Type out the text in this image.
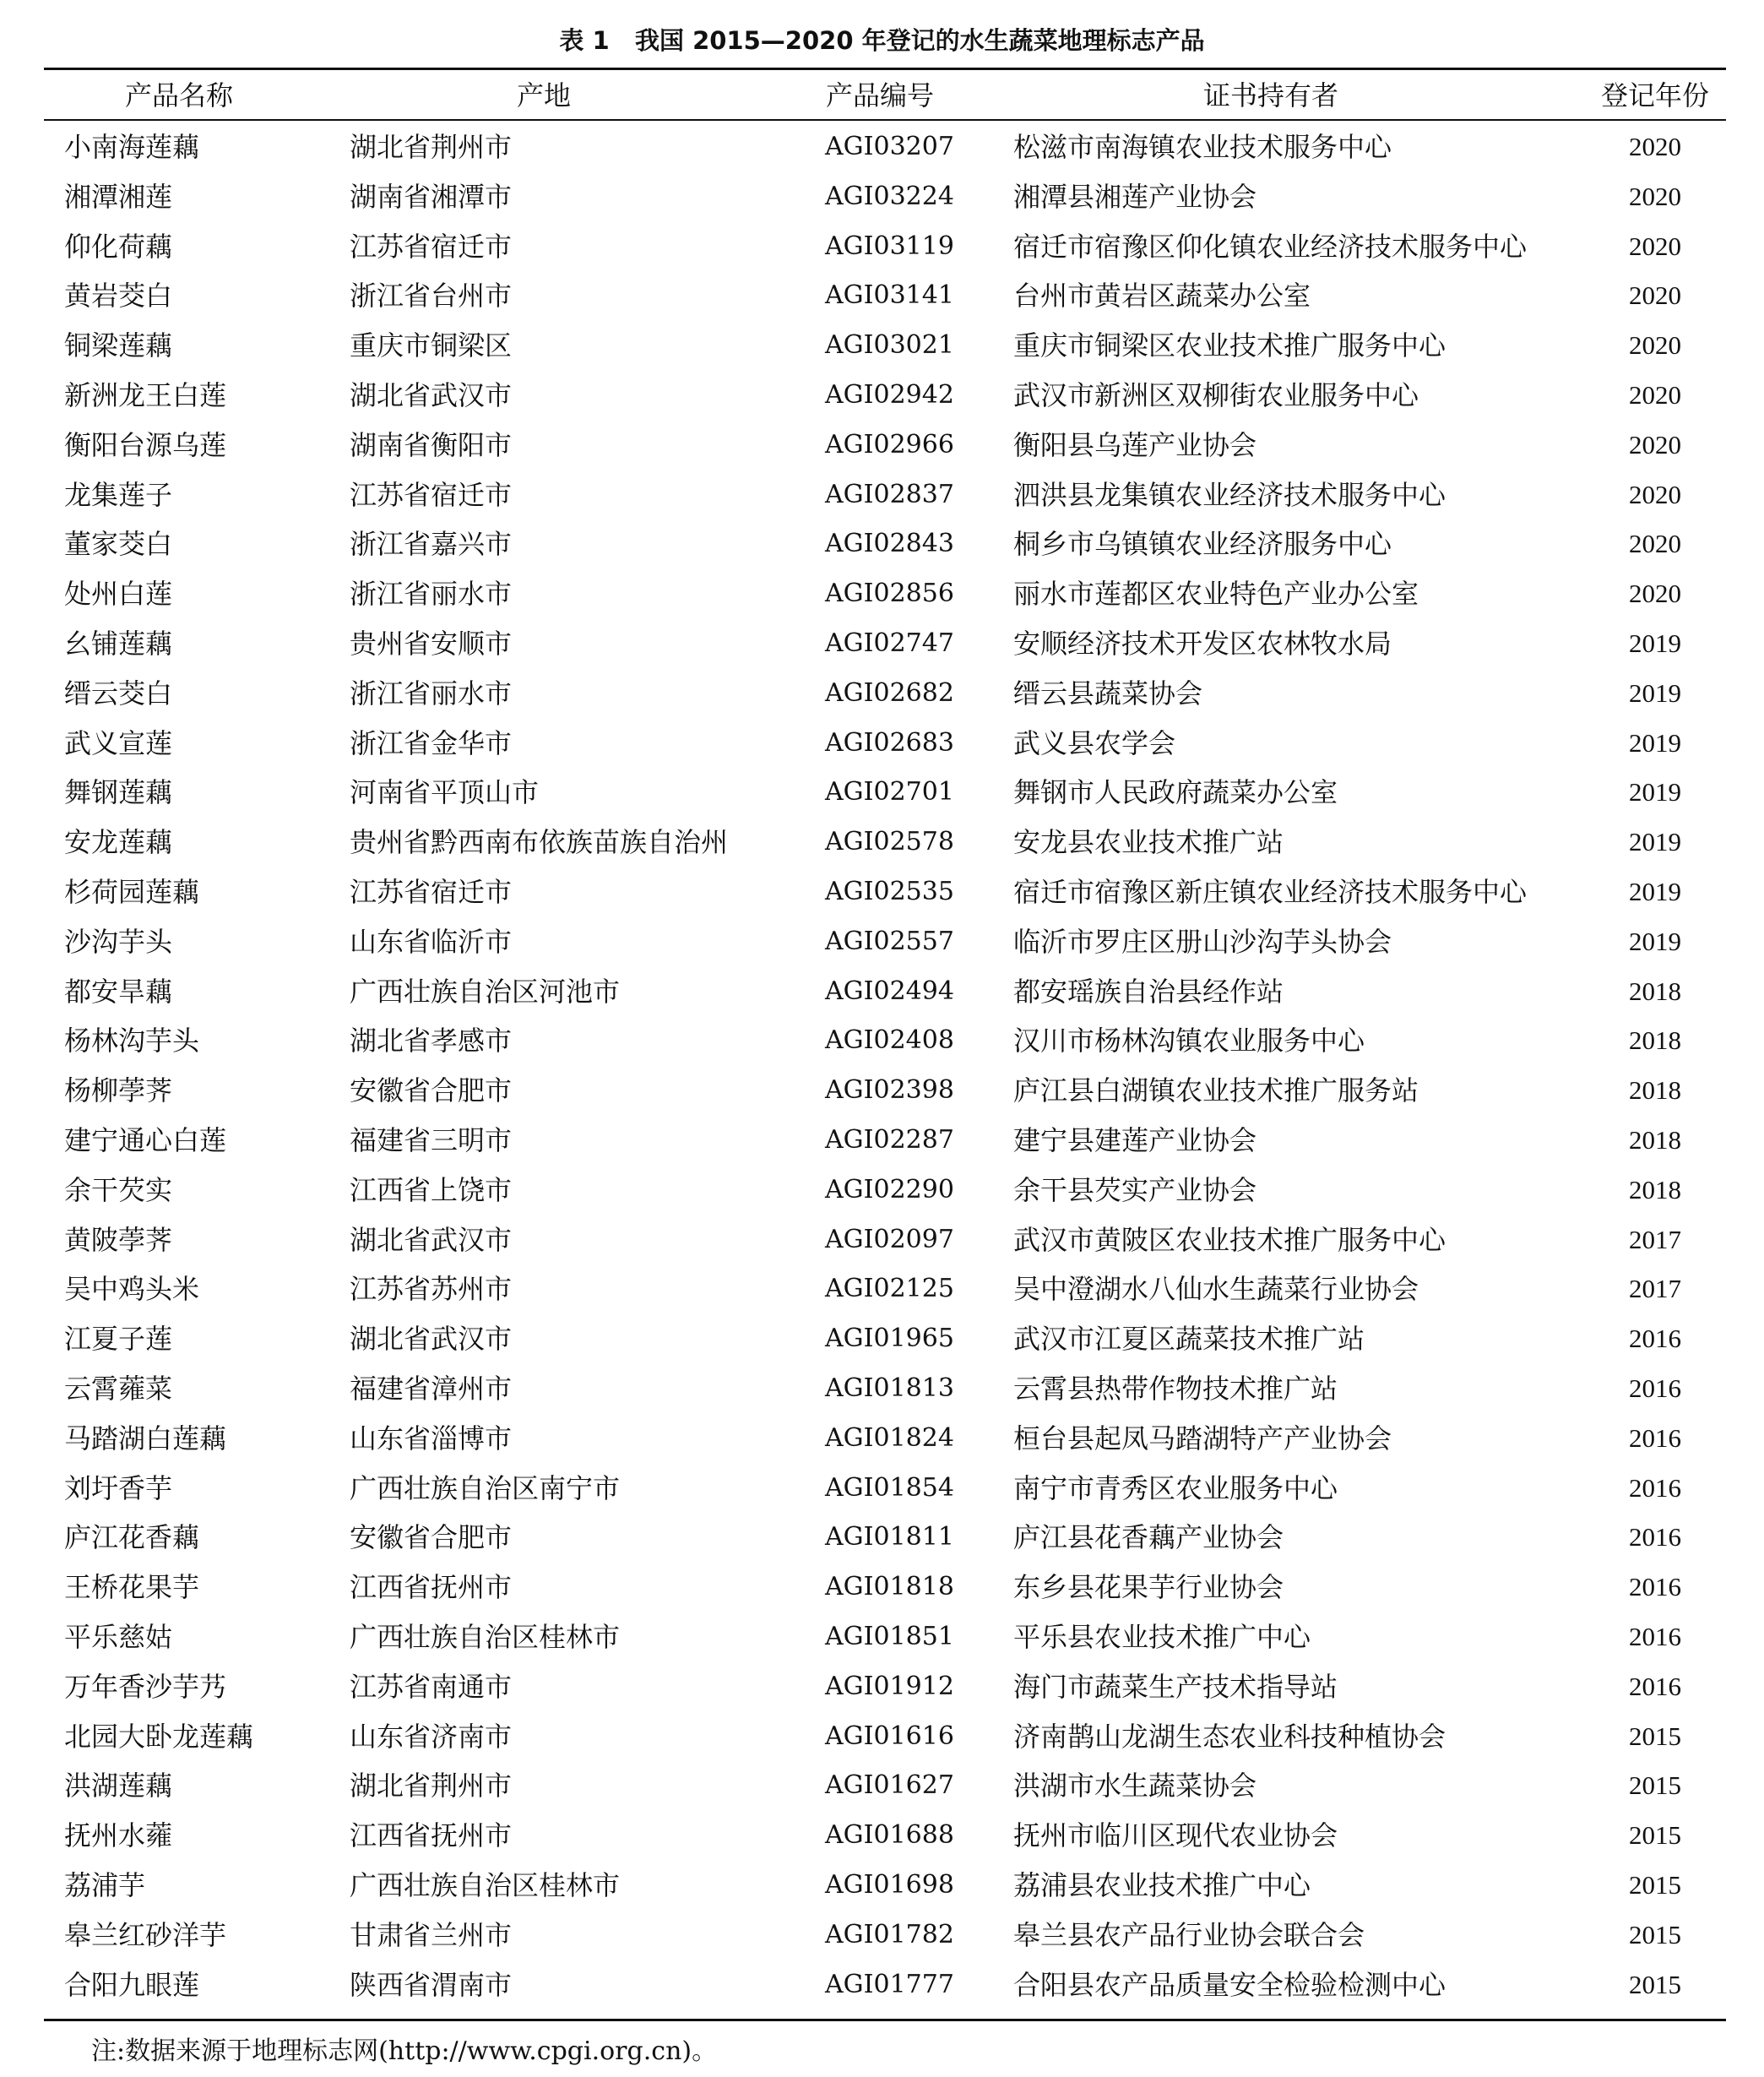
表 1   我国 2015—2020 年登记的水生蔬菜地理标志产品
产品名称	产地	产品编号	证书持有者	登记年份
小南海莲藕	湖北省荆州市	AGI03207 松滋市南海镇农业技术服务中心	2020
湘潭湘莲	湖南省湘潭市	AGI03224 湘潭县湘莲产业协会	2020
仰化荷藕	江苏省宿迁市	AGI03119 宿迁市宿豫区仰化镇农业经济技术服务中心	2020
黄岩茭白	浙江省台州市	AGI03141 台州市黄岩区蔬菜办公室	2020
铜梁莲藕	重庆市铜梁区	AGI03021 重庆市铜梁区农业技术推广服务中心	2020
新洲龙王白莲	湖北省武汉市	AGI02942 武汉市新洲区双柳街农业服务中心	2020
衡阳台源乌莲	湖南省衡阳市	AGI02966 衡阳县乌莲产业协会	2020
龙集莲子	江苏省宿迁市	AGI02837 泗洪县龙集镇农业经济技术服务中心	2020
董家茭白	浙江省嘉兴市	AGI02843 桐乡市乌镇镇农业经济服务中心	2020
处州白莲	浙江省丽水市	AGI02856 丽水市莲都区农业特色产业办公室	2020
幺铺莲藕	贵州省安顺市	AGI02747 安顺经济技术开发区农林牧水局	2019
缙云茭白	浙江省丽水市	AGI02682 缙云县蔬菜协会	2019
武义宣莲	浙江省金华市	AGI02683 武义县农学会	2019
舞钢莲藕	河南省平顶山市	AGI02701 舞钢市人民政府蔬菜办公室	2019
安龙莲藕	贵州省黔西南布依族苗族自治州	AGI02578 安龙县农业技术推广站	2019
杉荷园莲藕	江苏省宿迁市	AGI02535 宿迁市宿豫区新庄镇农业经济技术服务中心	2019
沙沟芋头	山东省临沂市	AGI02557 临沂市罗庄区册山沙沟芋头协会	2019
都安旱藕	广西壮族自治区河池市	AGI02494 都安瑶族自治县经作站	2018
杨林沟芋头	湖北省孝感市	AGI02408 汉川市杨林沟镇农业服务中心	2018
杨柳荸荠	安徽省合肥市	AGI02398 庐江县白湖镇农业技术推广服务站	2018
建宁通心白莲	福建省三明市	AGI02287 建宁县建莲产业协会	2018
余干芡实	江西省上饶市	AGI02290 余干县芡实产业协会	2018
黄陂荸荠	湖北省武汉市	AGI02097 武汉市黄陂区农业技术推广服务中心	2017
吴中鸡头米	江苏省苏州市	AGI02125 吴中澄湖水八仙水生蔬菜行业协会	2017
江夏子莲	湖北省武汉市	AGI01965 武汉市江夏区蔬菜技术推广站	2016
云霄蕹菜	福建省漳州市	AGI01813 云霄县热带作物技术推广站	2016
马踏湖白莲藕	山东省淄博市	AGI01824 桓台县起凤马踏湖特产产业协会	2016
刘圩香芋	广西壮族自治区南宁市	AGI01854 南宁市青秀区农业服务中心	2016
庐江花香藕	安徽省合肥市	AGI01811 庐江县花香藕产业协会	2016
王桥花果芋	江西省抚州市	AGI01818 东乡县花果芋行业协会	2016
平乐慈姑	广西壮族自治区桂林市	AGI01851 平乐县农业技术推广中心	2016
万年香沙芋艿	江苏省南通市	AGI01912 海门市蔬菜生产技术指导站	2016
北园大卧龙莲藕	山东省济南市	AGI01616 济南鹊山龙湖生态农业科技种植协会	2015
洪湖莲藕	湖北省荆州市	AGI01627 洪湖市水生蔬菜协会	2015
抚州水蕹	江西省抚州市	AGI01688 抚州市临川区现代农业协会	2015
荔浦芋	广西壮族自治区桂林市	AGI01698 荔浦县农业技术推广中心	2015
皋兰红砂洋芋	甘肃省兰州市	AGI01782 皋兰县农产品行业协会联合会	2015
合阳九眼莲	陕西省渭南市	AGI01777 合阳县农产品质量安全检验检测中心	2015
注:数据来源于地理标志网(http://www.cpgi.org.cn)。
